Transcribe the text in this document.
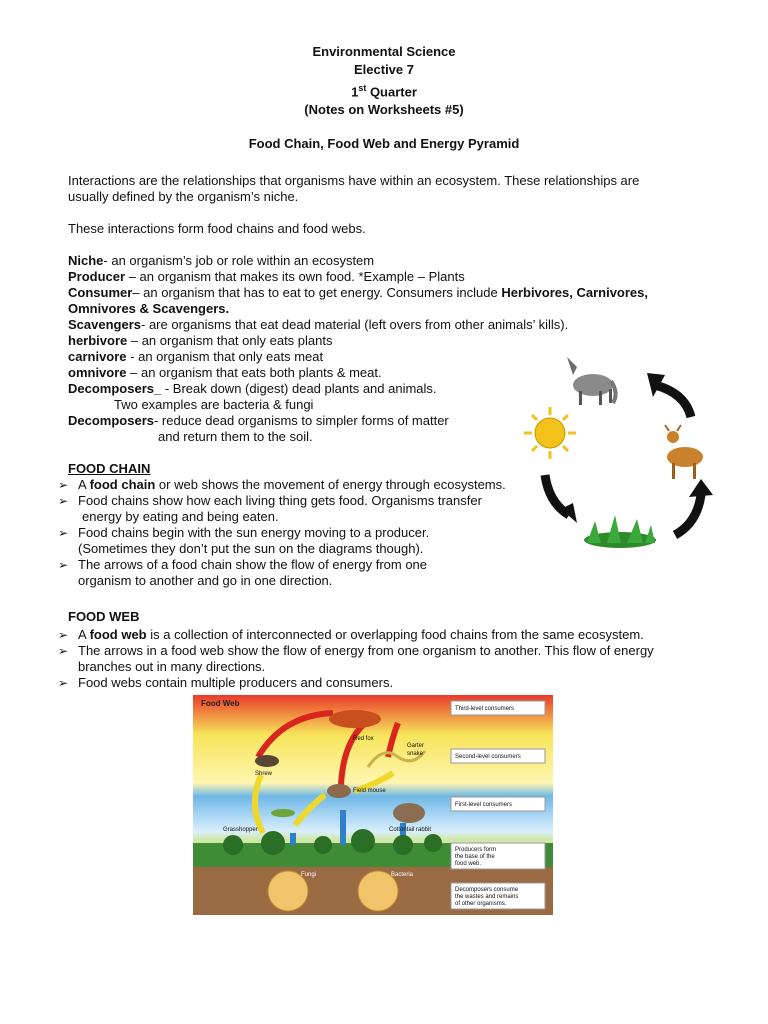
Environmental Science
Elective 7
1st Quarter
(Notes on Worksheets #5)
Food Chain, Food Web and Energy Pyramid
Interactions are the relationships that organisms have within an ecosystem. These relationships are
usually defined by the organism’s niche.
These interactions form food chains and food webs.
Niche- an organism’s job or role within an ecosystem
Producer – an organism that makes its own food. *Example – Plants
Consumer– an organism that has to eat to get energy. Consumers include Herbivores, Carnivores,
Omnivores & Scavengers.
Scavengers- are organisms that eat dead material (left overs from other animals’ kills).
herbivore – an organism that only eats plants
carnivore - an organism that only eats meat
omnivore – an organism that eats both plants & meat.
Decomposers_ - Break down (digest) dead plants and animals.
Two examples are bacteria & fungi
Decomposers- reduce dead organisms to simpler forms of matter
and return them to the soil.
FOOD CHAIN
➢ A food chain or web shows the movement of energy through ecosystems.
➢ Food chains show how each living thing gets food. Organisms transfer
energy by eating and being eaten.
➢ Food chains begin with the sun energy moving to a producer.
(Sometimes they don’t put the sun on the diagrams though).
➢ The arrows of a food chain show the flow of energy from one
organism to another and go in one direction.
FOOD WEB
➢ A food web is a collection of interconnected or overlapping food chains from the same ecosystem.
➢ The arrows in a food web show the flow of energy from one organism to another. This flow of energy
branches out in many directions.
➢ Food webs contain multiple producers and consumers.
Food Web
Red fox
Garter
snake
Shrew
Field mouse
Grasshopper	Cottontail rabbit
Fungi	Bacteria
Third-level consumers
Second-level consumers
First-level consumers
Producers form
the base of the
food web.
Decomposers consume
the wastes and remains
of other organisms.
